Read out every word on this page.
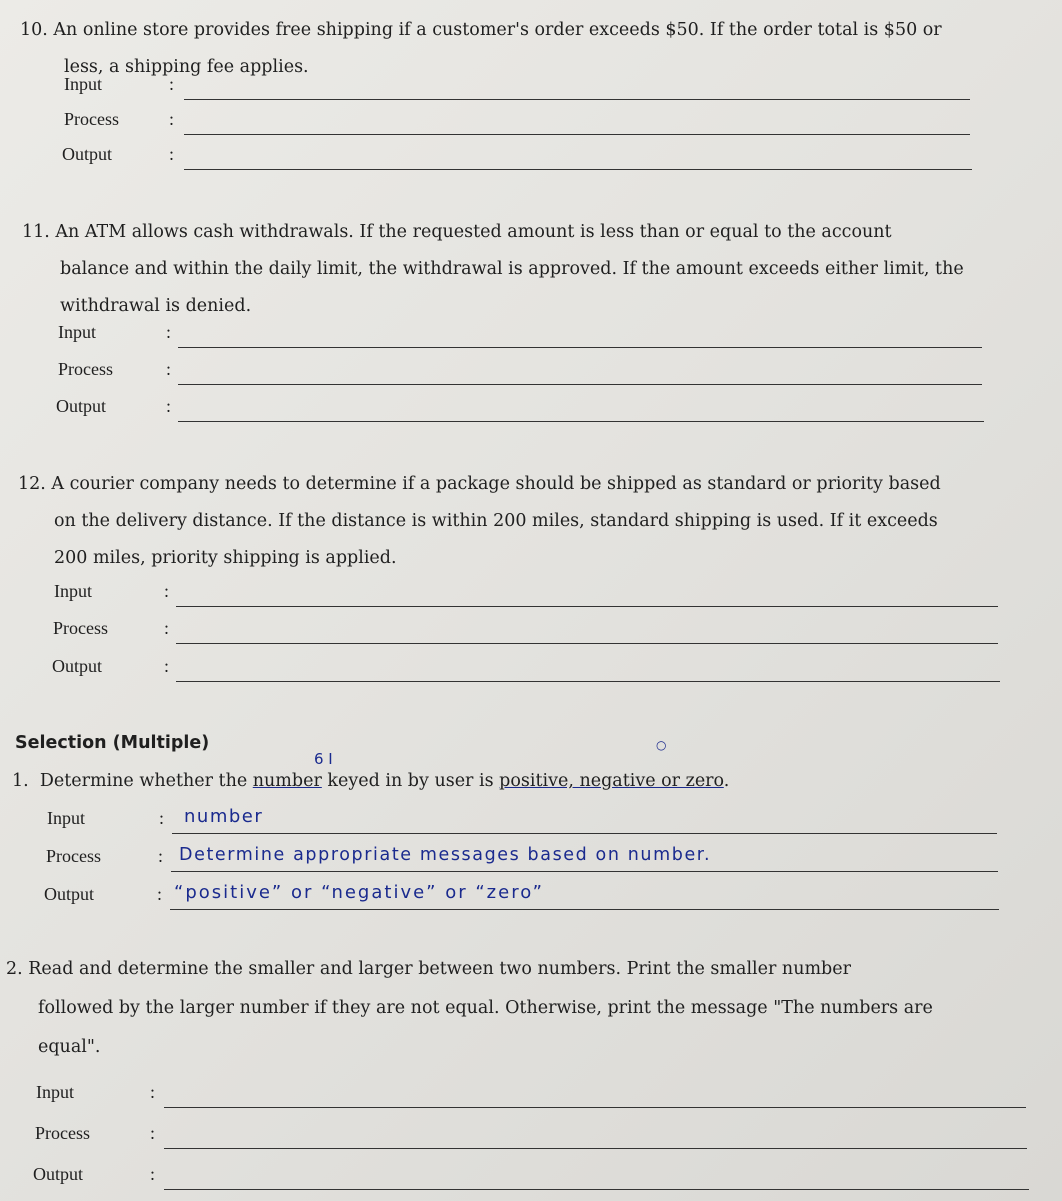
10. An online store provides free shipping if a customer's order exceeds $50. If the order total is $50 or
less, a shipping fee applies.
Input	:
Process	:
Output	:
11. An ATM allows cash withdrawals. If the requested amount is less than or equal to the account
balance and within the daily limit, the withdrawal is approved. If the amount exceeds either limit, the
withdrawal is denied.
Input	:
Process	:
Output	:
12. A courier company needs to determine if a package should be shipped as standard or priority based
on the delivery distance. If the distance is within 200 miles, standard shipping is used. If it exceeds
200 miles, priority shipping is applied.
Input	:
Process	:
Output	:
Selection (Multiple)
6 I
○
1.  Determine whether the number keyed in by user is positive, negative or zero.
Input	: number
Process	: Determine appropriate messages based on number.
Output	: “positive” or “negative” or “zero”
2. Read and determine the smaller and larger between two numbers. Print the smaller number
followed by the larger number if they are not equal. Otherwise, print the message "The numbers are
equal".
Input	:
Process	:
Output	:
